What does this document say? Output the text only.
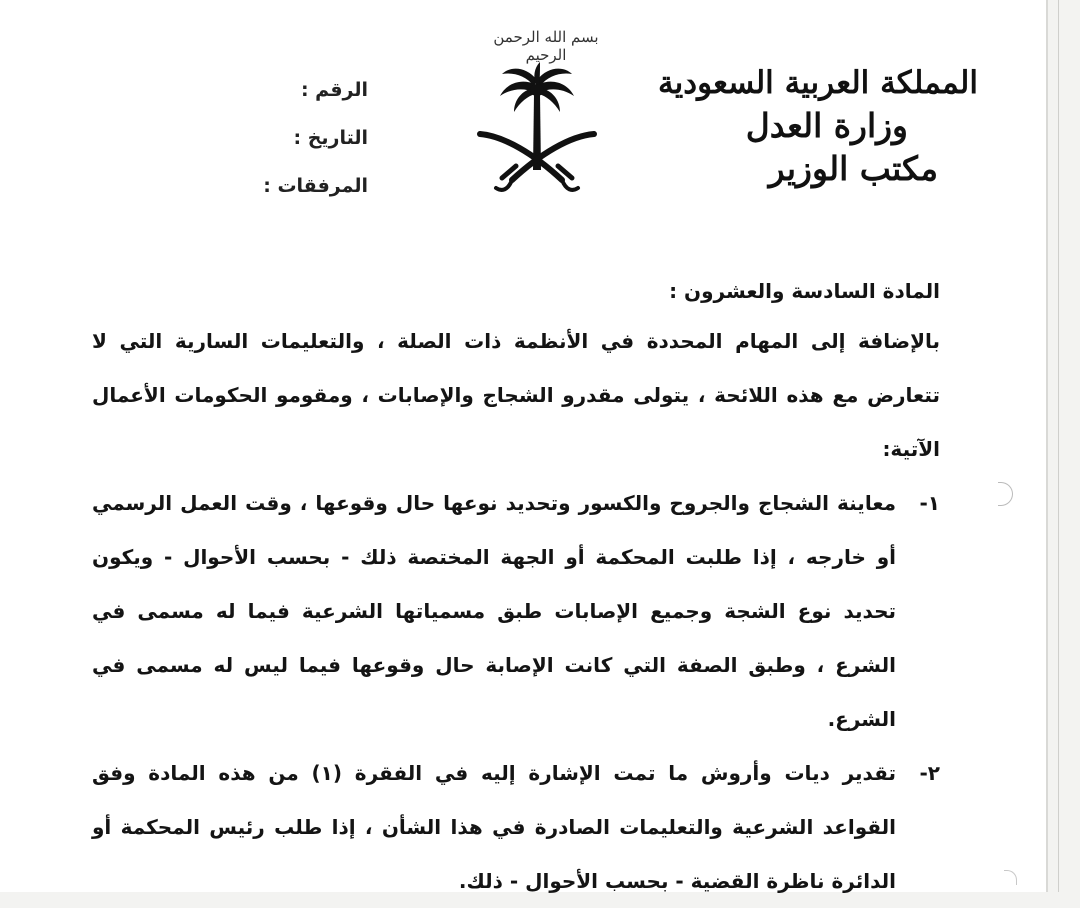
بسم الله الرحمن الرحيم
المملكة العربية السعودية
وزارة العدل
مكتب الوزير
الرقم :
التاريخ :
المرفقات :

المادة السادسة والعشرون :

بالإضافة إلى المهام المحددة في الأنظمة ذات الصلة ، والتعليمات السارية التي لا تتعارض مع هذه اللائحة ، يتولى مقدرو الشجاج والإصابات ، ومقومو الحكومات الأعمال الآتية:

١-
معاينة الشجاج والجروح والكسور وتحديد نوعها حال وقوعها ، وقت العمل الرسمي أو خارجه ، إذا طلبت المحكمة أو الجهة المختصة ذلك - بحسب الأحوال - ويكون تحديد نوع الشجة وجميع الإصابات طبق مسمياتها الشرعية فيما له مسمى في الشرع ، وطبق الصفة التي كانت الإصابة حال وقوعها فيما ليس له مسمى في الشرع.
٢-
تقدير ديات وأروش ما تمت الإشارة إليه في الفقرة (١) من هذه المادة وفق القواعد الشرعية والتعليمات الصادرة في هذا الشأن ، إذا طلب رئيس المحكمة أو الدائرة ناظرة القضية - بحسب الأحوال - ذلك.
